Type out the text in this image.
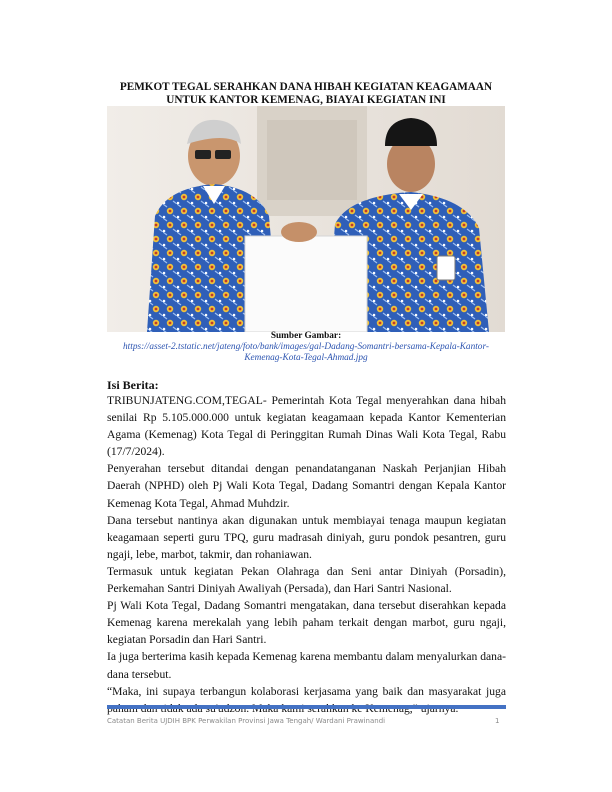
PEMKOT TEGAL SERAHKAN DANA HIBAH KEGIATAN KEAGAMAAN
UNTUK KANTOR KEMENAG, BIAYAI KEGIATAN INI
Sumber Gambar:
https://asset-2.tstatic.net/jateng/foto/bank/images/gal-Dadang-Somantri-bersama-Kepala-Kantor-Kemenag-Kota-Tegal-Ahmad.jpg
Isi Berita:

TRIBUNJATENG.COM,TEGAL- Pemerintah Kota Tegal menyerahkan dana hibah senilai Rp 5.105.000.000 untuk kegiatan keagamaan kepada Kantor Kementerian Agama (Kemenag) Kota Tegal di Peringgitan Rumah Dinas Wali Kota Tegal, Rabu (17/7/2024).

Penyerahan tersebut ditandai dengan penandatanganan Naskah Perjanjian Hibah Daerah (NPHD) oleh Pj Wali Kota Tegal, Dadang Somantri dengan Kepala Kantor Kemenag Kota Tegal, Ahmad Muhdzir.

Dana tersebut nantinya akan digunakan untuk membiayai tenaga maupun kegiatan keagamaan seperti guru TPQ, guru madrasah diniyah, guru pondok pesantren, guru ngaji, lebe, marbot, takmir, dan rohaniawan.

Termasuk untuk kegiatan Pekan Olahraga dan Seni antar Diniyah (Porsadin), Perkemahan Santri Diniyah Awaliyah (Persada), dan Hari Santri Nasional.

Pj Wali Kota Tegal, Dadang Somantri mengatakan, dana tersebut diserahkan kepada Kemenag karena merekalah yang lebih paham terkait dengan marbot, guru ngaji, kegiatan Porsadin dan Hari Santri.

Ia juga berterima kasih kepada Kemenag karena membantu dalam menyalurkan dana-dana tersebut.

“Maka, ini supaya terbangun kolaborasi kerjasama yang baik dan masyarakat juga

Catatan Berita UJDIH BPK Perwakilan Provinsi Jawa Tengah/ Wardani Prawinandi	1
